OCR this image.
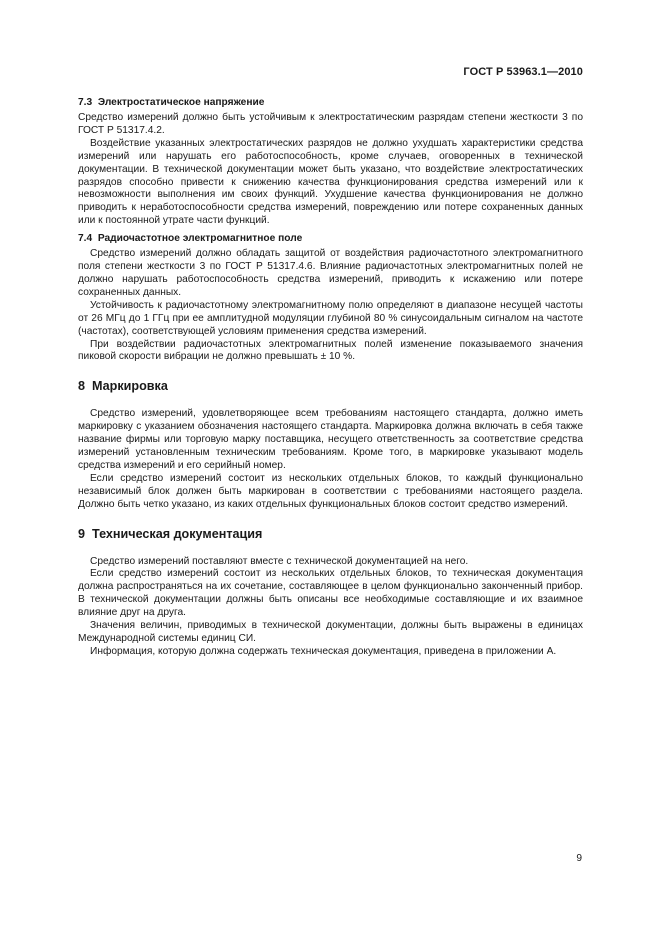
ГОСТ Р 53963.1—2010
7.3  Электростатическое напряжение

Средство измерений должно быть устойчивым к электростатическим разрядам степени жесткости 3 по ГОСТ Р 51317.4.2.

Воздействие указанных электростатических разрядов не должно ухудшать характеристики средства измерений или нарушать его работоспособность, кроме случаев, оговоренных в технической документации. В технической документации может быть указано, что воздействие электростатических разрядов способно привести к снижению качества функционирования средства измерений или к невозможности выполнения им своих функций. Ухудшение качества функционирования не должно приводить к неработоспособности средства измерений, повреждению или потере сохраненных данных или к постоянной утрате части функций.

7.4  Радиочастотное электромагнитное поле

Средство измерений должно обладать защитой от воздействия радиочастотного электромагнитного поля степени жесткости 3 по ГОСТ Р 51317.4.6. Влияние радиочастотных электромагнитных полей не должно нарушать работоспособность средства измерений, приводить к искажению или потере сохраненных данных.

Устойчивость к радиочастотному электромагнитному полю определяют в диапазоне несущей частоты от 26 МГц до 1 ГГц при ее амплитудной модуляции глубиной 80 % синусоидальным сигналом на частоте (частотах), соответствующей условиям применения средства измерений.

При воздействии радиочастотных электромагнитных полей изменение показываемого значения пиковой скорости вибрации не должно превышать ± 10 %.

8  Маркировка

Средство измерений, удовлетворяющее всем требованиям настоящего стандарта, должно иметь маркировку с указанием обозначения настоящего стандарта. Маркировка должна включать в себя также название фирмы или торговую марку поставщика, несущего ответственность за соответствие средства измерений установленным техническим требованиям. Кроме того, в маркировке указывают модель средства измерений и его серийный номер.

Если средство измерений состоит из нескольких отдельных блоков, то каждый функционально независимый блок должен быть маркирован в соответствии с требованиями настоящего раздела. Должно быть четко указано, из каких отдельных функциональных блоков состоит средство измерений.

9  Техническая документация

Средство измерений поставляют вместе с технической документацией на него.

Если средство измерений состоит из нескольких отдельных блоков, то техническая документация должна распространяться на их сочетание, составляющее в целом функционально законченный прибор. В технической документации должны быть описаны все необходимые составляющие и их взаимное влияние друг на друга.

Значения величин, приводимых в технической документации, должны быть выражены в единицах Международной системы единиц СИ.

Информация, которую должна содержать техническая документация, приведена в приложении А.

9
